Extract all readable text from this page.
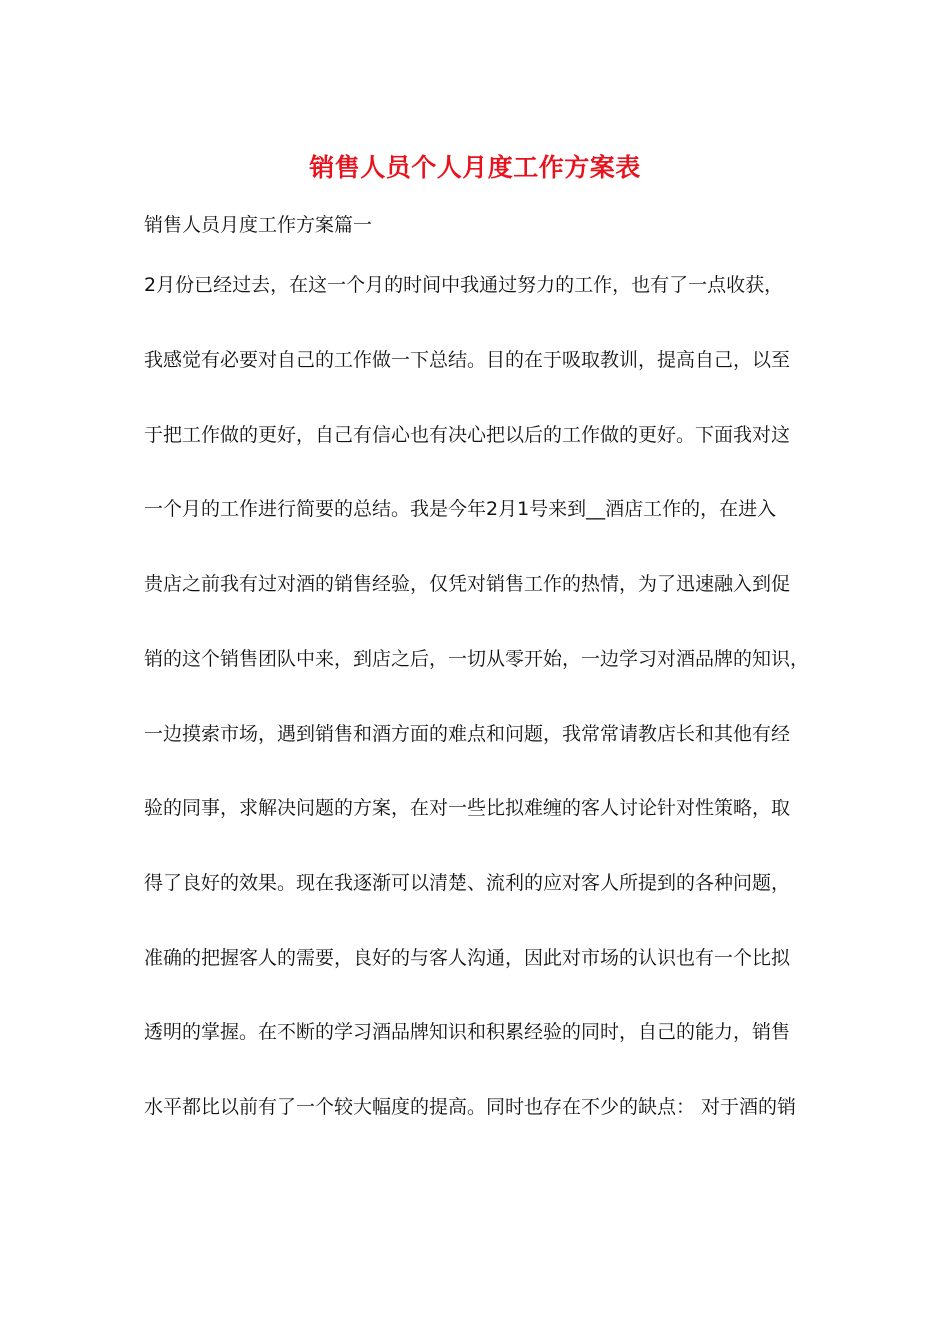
销售人员个人月度工作方案表
销售人员月度工作方案篇一
2月份已经过去，在这一个月的时间中我通过努力的工作，也有了一点收获，
我感觉有必要对自己的工作做一下总结。目的在于吸取教训，提高自己，以至
于把工作做的更好，自己有信心也有决心把以后的工作做的更好。下面我对这
一个月的工作进行简要的总结。我是今年2月1号来到__酒店工作的，在进入
贵店之前我有过对酒的销售经验，仅凭对销售工作的热情，为了迅速融入到促
销的这个销售团队中来，到店之后，一切从零开始，一边学习对酒品牌的知识，
一边摸索市场，遇到销售和酒方面的难点和问题，我常常请教店长和其他有经
验的同事，求解决问题的方案，在对一些比拟难缠的客人讨论针对性策略，取
得了良好的效果。现在我逐渐可以清楚、流利的应对客人所提到的各种问题，
准确的把握客人的需要，良好的与客人沟通，因此对市场的认识也有一个比拟
透明的掌握。在不断的学习酒品牌知识和积累经验的同时，自己的能力，销售
水平都比以前有了一个较大幅度的提高。同时也存在不少的缺点： 对于酒的销
